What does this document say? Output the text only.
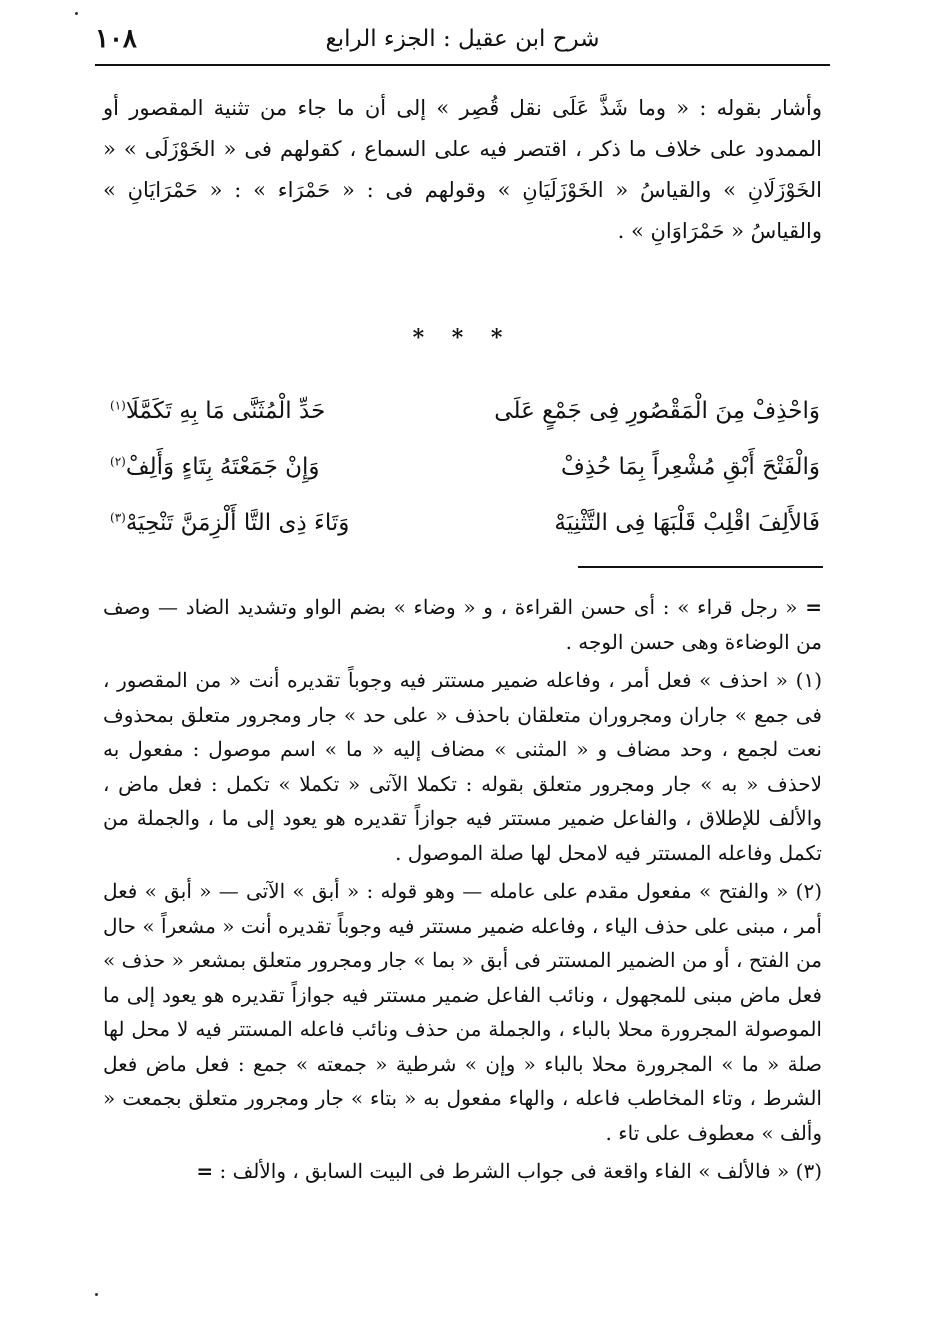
١٠٨	شرح ابن عقيل : الجزء الرابع

وأشار بقوله : « وما شَذَّ عَلَى نقل قُصِر » إلى أن ما جاء من تثنية المقصور أو الممدود على خلاف ما ذكر ، اقتصر فيه على السماع ، كقولهم فى « الخَوْزَلَى » « الخَوْزَلَانِ » والقياسُ « الخَوْزَلَيَانِ » وقولهم فى : « حَمْرَاء » : « حَمْرَايَانِ » والقياسُ « حَمْرَاوَانِ » .

* * *
وَاحْذِفْ مِنَ الْمَقْصُورِ فِى جَمْعٍ عَلَى
حَدِّ الْمُثَنَّى مَا بِهِ تَكَمَّلَا$^{(١)}$
وَالْفَتْحَ أَبْقِ مُشْعِراً بِمَا حُذِفْ
وَإِنْ جَمَعْتَهُ بِتَاءٍ وَأَلِفْ$^{(٢)}$
فَالأَلِفَ اقْلِبْ قَلْبَهَا فِى التَّثْنِيَهْ
وَتَاءَ ذِى التَّا أَلْزِمَنَّ تَنْحِيَهْ$^{(٣)}$

= « رجل قراء » : أى حسن القراءة ، و « وضاء » بضم الواو وتشديد الضاد — وصف من الوضاءة وهى حسن الوجه .

(١) « احذف » فعل أمر ، وفاعله ضمير مستتر فيه وجوباً تقديره أنت « من المقصور ، فى جمع » جاران ومجروران متعلقان باحذف « على حد » جار ومجرور متعلق بمحذوف نعت لجمع ، وحد مضاف و « المثنى » مضاف إليه « ما » اسم موصول : مفعول به لاحذف « به » جار ومجرور متعلق بقوله : تكملا الآتى « تكملا » تكمل : فعل ماض ، والألف للإطلاق ، والفاعل ضمير مستتر فيه جوازاً تقديره هو يعود إلى ما ، والجملة من تكمل وفاعله المستتر فيه لامحل لها صلة الموصول .

(٢) « والفتح » مفعول مقدم على عامله — وهو قوله : « أبق » الآتى — « أبق » فعل أمر ، مبنى على حذف الياء ، وفاعله ضمير مستتر فيه وجوباً تقديره أنت « مشعراً » حال من الفتح ، أو من الضمير المستتر فى أبق « بما » جار ومجرور متعلق بمشعر « حذف » فعل ماض مبنى للمجهول ، ونائب الفاعل ضمير مستتر فيه جوازاً تقديره هو يعود إلى ما الموصولة المجرورة محلا بالباء ، والجملة من حذف ونائب فاعله المستتر فيه لا محل لها صلة « ما » المجرورة محلا بالباء « وإن » شرطية « جمعته » جمع : فعل ماض فعل الشرط ، وتاء المخاطب فاعله ، والهاء مفعول به « بتاء » جار ومجرور متعلق بجمعت « وألف » معطوف على تاء .

(٣) « فالألف » الفاء واقعة فى جواب الشرط فى البيت السابق ، والألف : =
